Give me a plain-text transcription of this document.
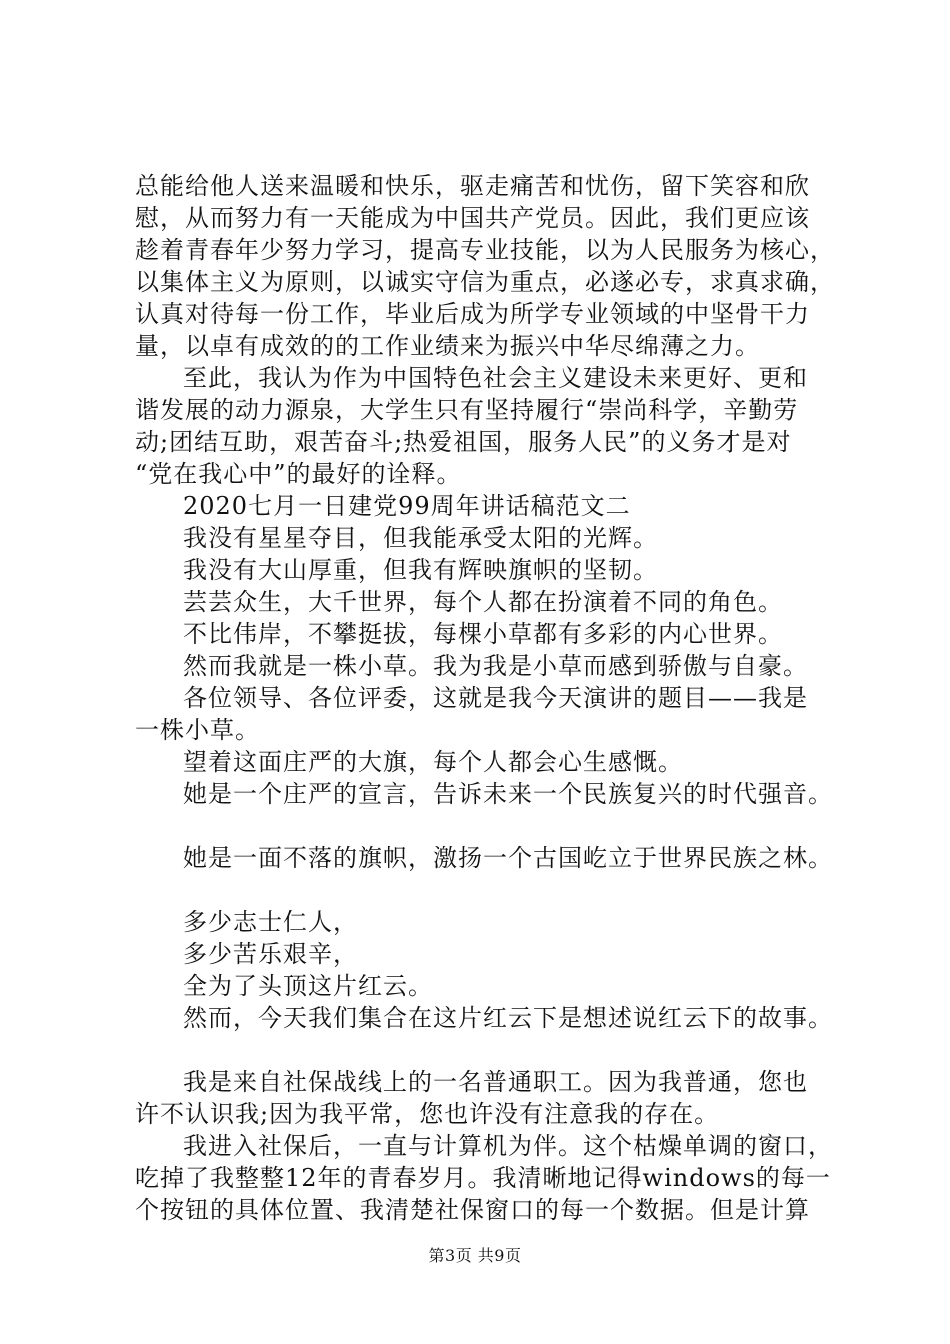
总能给他人送来温暖和快乐，驱走痛苦和忧伤，留下笑容和欣
慰，从而努力有一天能成为中国共产党员。因此，我们更应该
趁着青春年少努力学习，提高专业技能，以为人民服务为核心，
以集体主义为原则，以诚实守信为重点，必遂必专，求真求确，
认真对待每一份工作，毕业后成为所学专业领域的中坚骨干力
量，以卓有成效的的工作业绩来为振兴中华尽绵薄之力。
至此，我认为作为中国特色社会主义建设未来更好、更和
谐发展的动力源泉，大学生只有坚持履行“崇尚科学，辛勤劳
动;团结互助，艰苦奋斗;热爱祖国，服务人民”的义务才是对
“党在我心中”的最好的诠释。
2020七月一日建党99周年讲话稿范文二
我没有星星夺目，但我能承受太阳的光辉。
我没有大山厚重，但我有辉映旗帜的坚韧。
芸芸众生，大千世界，每个人都在扮演着不同的角色。
不比伟岸，不攀挺拔，每棵小草都有多彩的内心世界。
然而我就是一株小草。我为我是小草而感到骄傲与自豪。
各位领导、各位评委，这就是我今天演讲的题目——我是
一株小草。
望着这面庄严的大旗，每个人都会心生感慨。
她是一个庄严的宣言，告诉未来一个民族复兴的时代强音。
她是一面不落的旗帜，激扬一个古国屹立于世界民族之林。
多少志士仁人，
多少苦乐艰辛，
全为了头顶这片红云。
然而，今天我们集合在这片红云下是想述说红云下的故事。
我是来自社保战线上的一名普通职工。因为我普通，您也
许不认识我;因为我平常，您也许没有注意我的存在。
我进入社保后，一直与计算机为伴。这个枯燥单调的窗口，
吃掉了我整整12年的青春岁月。我清晰地记得windows的每一
个按钮的具体位置、我清楚社保窗口的每一个数据。但是计算
第3页 共9页
